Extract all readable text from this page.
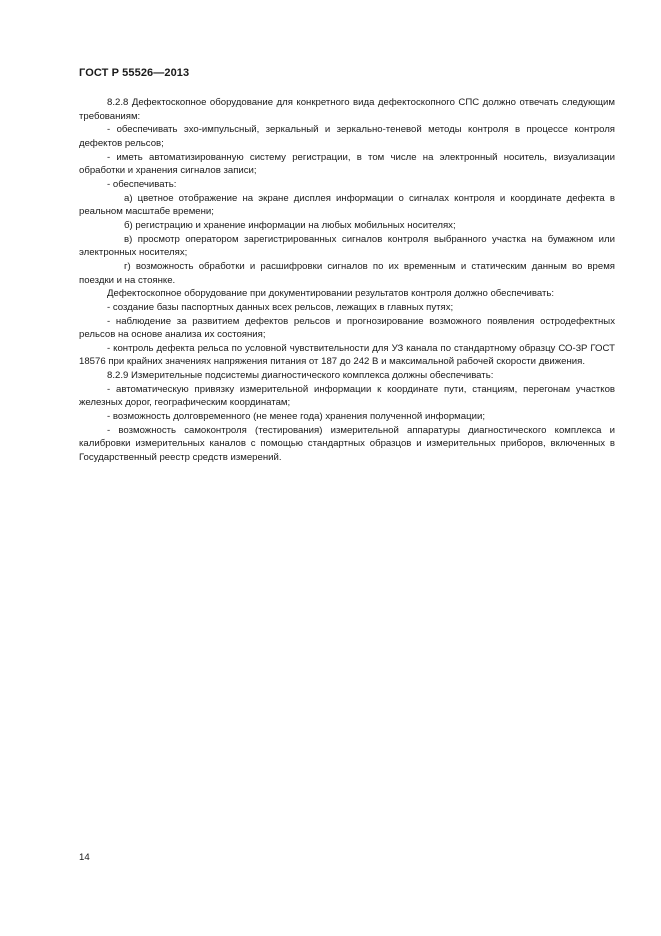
ГОСТ Р 55526—2013

8.2.8 Дефектоскопное оборудование для конкретного вида дефектоскопного СПС должно отвечать следующим требованиям:

- обеспечивать эхо-импульсный, зеркальный и зеркально-теневой методы контроля в процессе контроля дефектов рельсов;

- иметь автоматизированную систему регистрации, в том числе на электронный носитель, визуализации обработки и хранения сигналов записи;

- обеспечивать:

а) цветное отображение на экране дисплея информации о сигналах контроля и координате дефекта в реальном масштабе времени;

б) регистрацию и хранение информации на любых мобильных носителях;

в) просмотр оператором зарегистрированных сигналов контроля выбранного участка на бумажном или электронных носителях;

г) возможность обработки и расшифровки сигналов по их временным и статическим данным во время поездки и на стоянке.

Дефектоскопное оборудование при документировании результатов контроля должно обеспечивать:

- создание базы паспортных данных всех рельсов, лежащих в главных путях;

- наблюдение за развитием дефектов рельсов и прогнозирование возможного появления остродефектных рельсов на основе анализа их состояния;

- контроль дефекта рельса по условной чувствительности для УЗ канала по стандартному образцу СО-3Р ГОСТ 18576 при крайних значениях напряжения питания от 187 до 242 В и максимальной рабочей скорости движения.

8.2.9 Измерительные подсистемы диагностического комплекса должны обеспечивать:

- автоматическую привязку измерительной информации к координате пути, станциям, перегонам участков железных дорог, географическим координатам;

- возможность долговременного (не менее года) хранения полученной информации;

- возможность самоконтроля (тестирования) измерительной аппаратуры диагностического комплекса и калибровки измерительных каналов с помощью стандартных образцов и измерительных приборов, включенных в Государственный реестр средств измерений.

14
